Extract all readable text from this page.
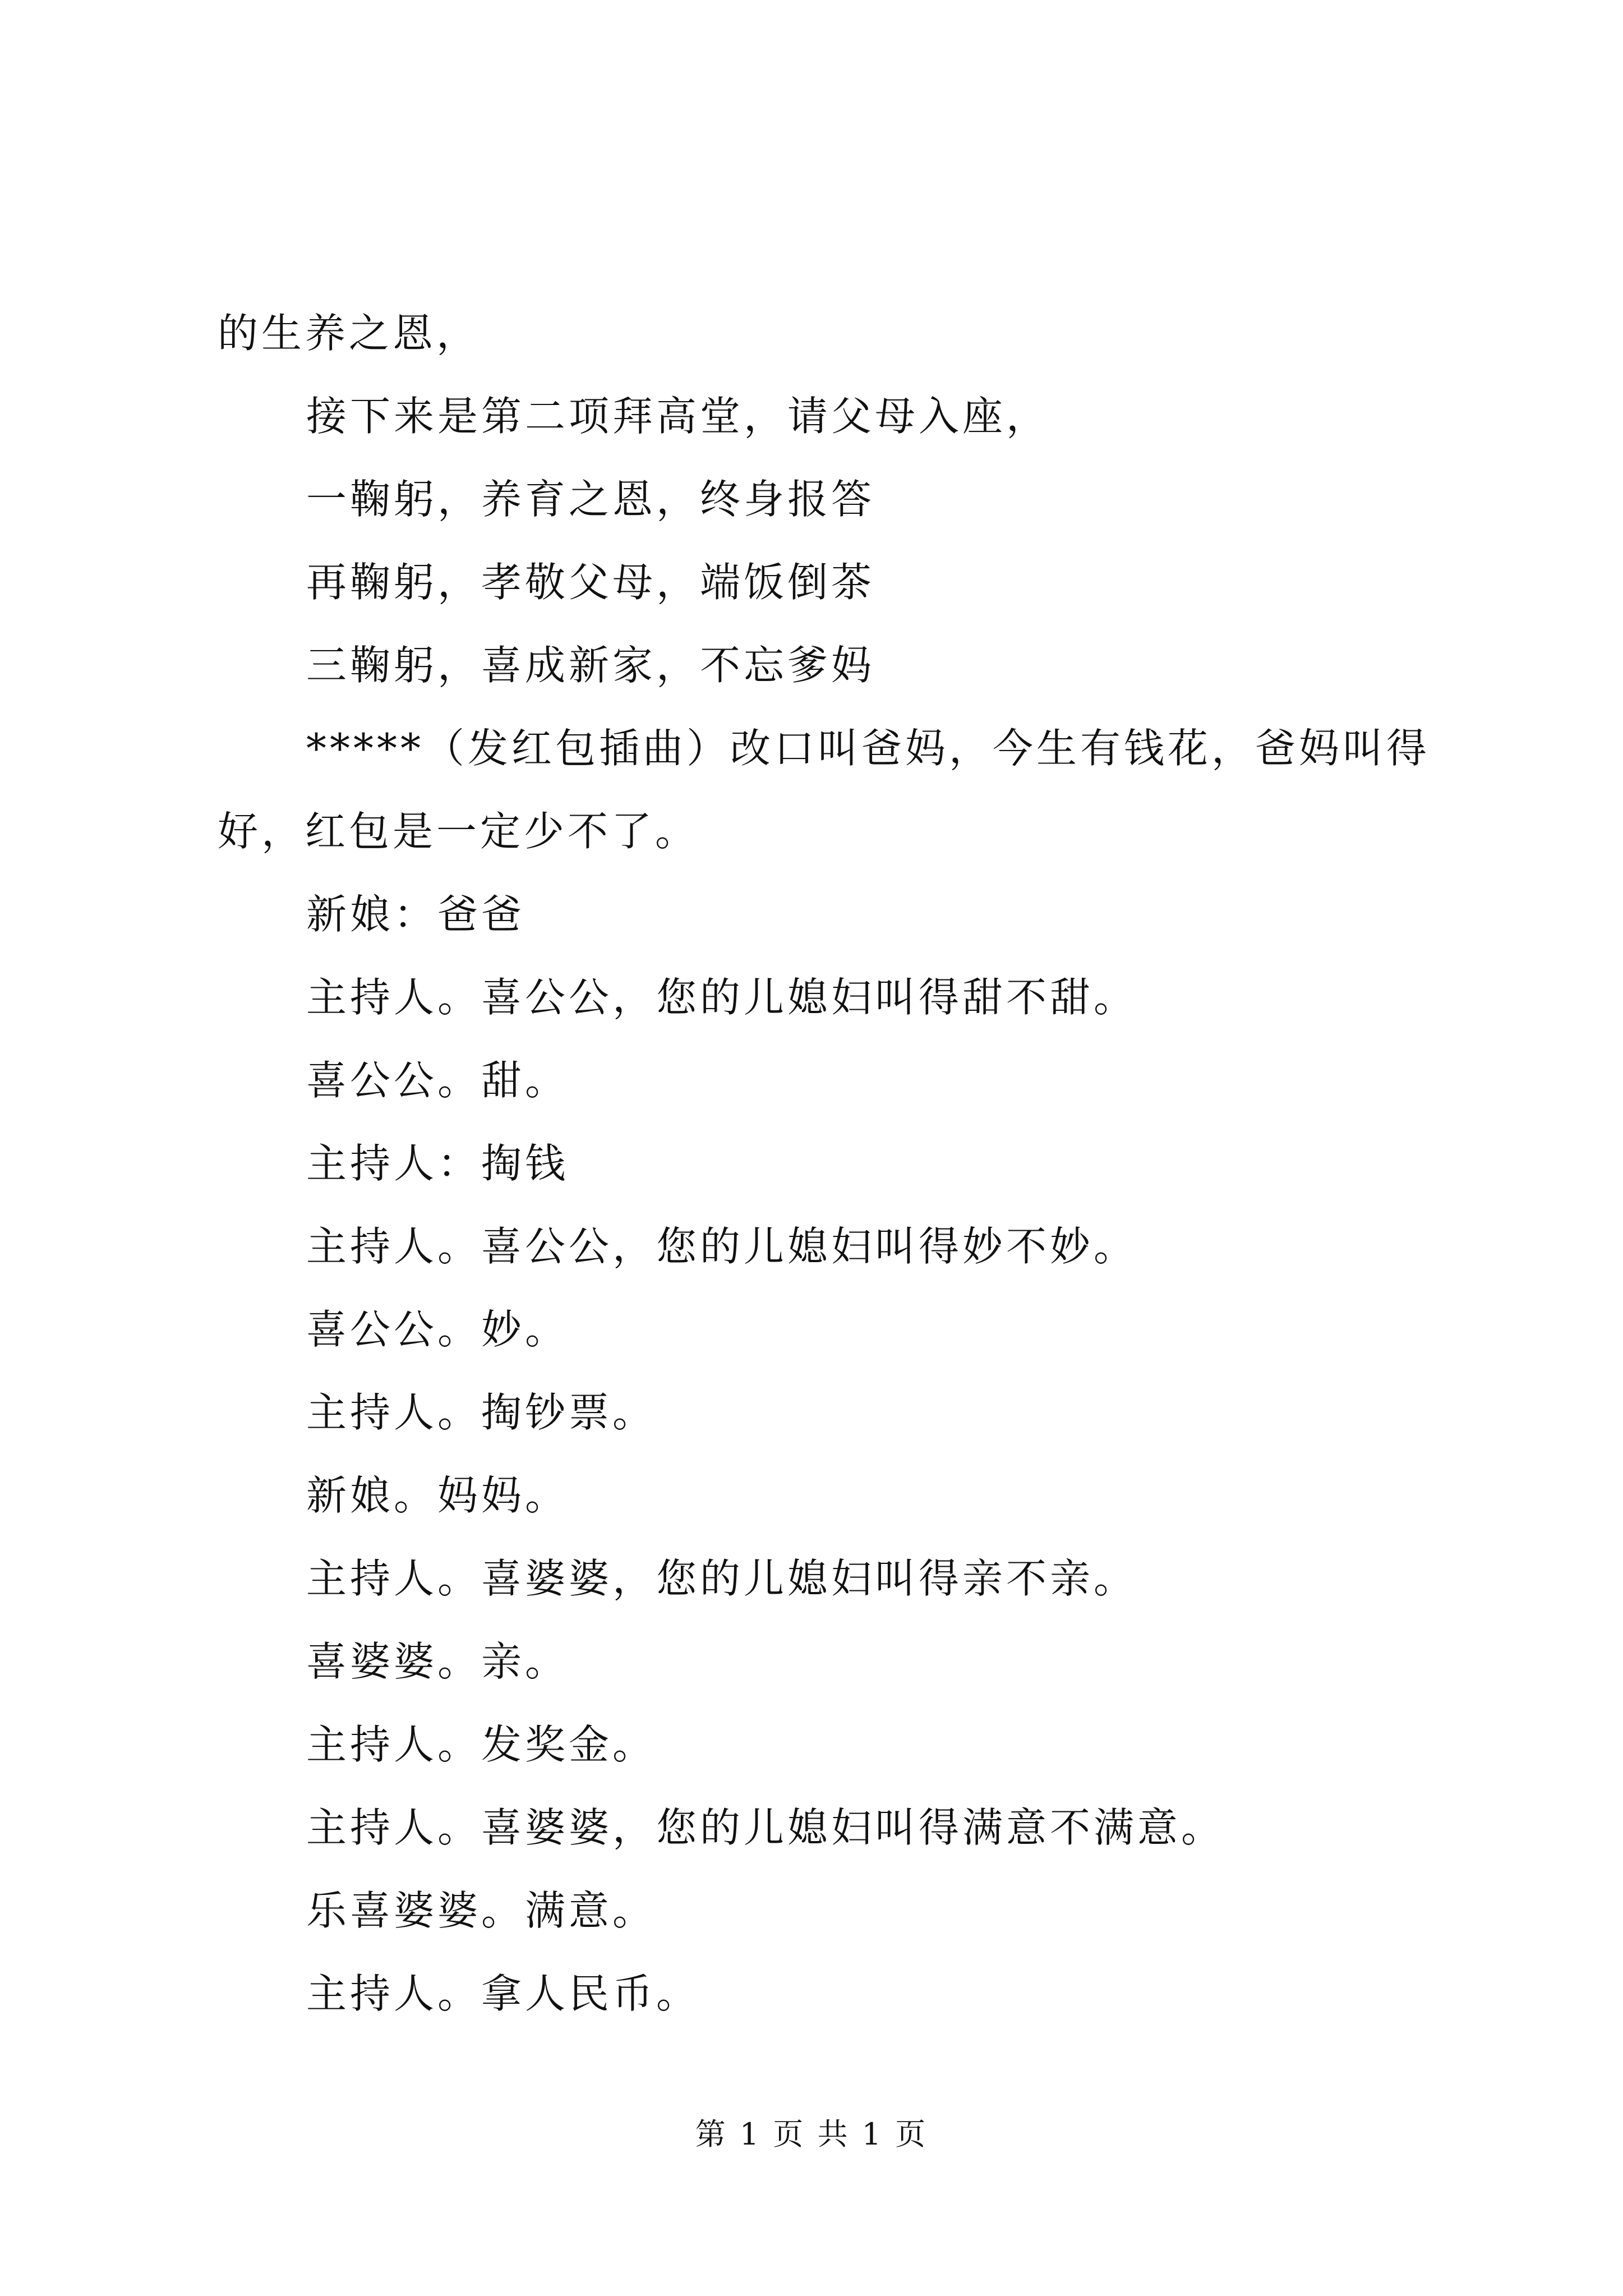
的生养之恩，

接下来是第二项拜高堂，请父母入座，

一鞠躬，养育之恩，终身报答

再鞠躬，孝敬父母，端饭倒茶

三鞠躬，喜成新家，不忘爹妈

*****（发红包插曲）改口叫爸妈，今生有钱花，爸妈叫得好，红包是一定少不了。

新娘：爸爸

主持人。喜公公，您的儿媳妇叫得甜不甜。

喜公公。甜。

主持人：掏钱

主持人。喜公公，您的儿媳妇叫得妙不妙。

喜公公。妙。

主持人。掏钞票。

新娘。妈妈。

主持人。喜婆婆，您的儿媳妇叫得亲不亲。

喜婆婆。亲。

主持人。发奖金。

主持人。喜婆婆，您的儿媳妇叫得满意不满意。

乐喜婆婆。满意。

主持人。拿人民币。

第 1 页 共 1 页
